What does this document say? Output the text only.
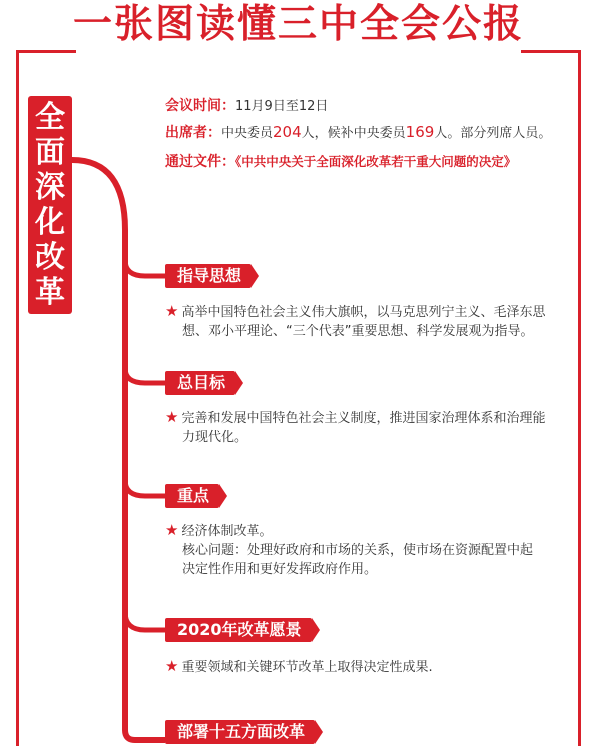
一张图读懂三中全会公报
全
面
深
化
改
革
会议时间：11月9日至12日
出席者：中央委员204人，候补中央委员169人。部分列席人员。
通过文件：《中共中央关于全面深化改革若干重大问题的决定》
指导思想
★ 高举中国特色社会主义伟大旗帜，以马克思列宁主义、毛泽东思
想、邓小平理论、“三个代表”重要思想、科学发展观为指导。
总目标
★ 完善和发展中国特色社会主义制度，推进国家治理体系和治理能
力现代化。
重点
★ 经济体制改革。
核心问题：处理好政府和市场的关系，使市场在资源配置中起
决定性作用和更好发挥政府作用。
2020年改革愿景
★ 重要领域和关键环节改革上取得决定性成果.
部署十五方面改革
